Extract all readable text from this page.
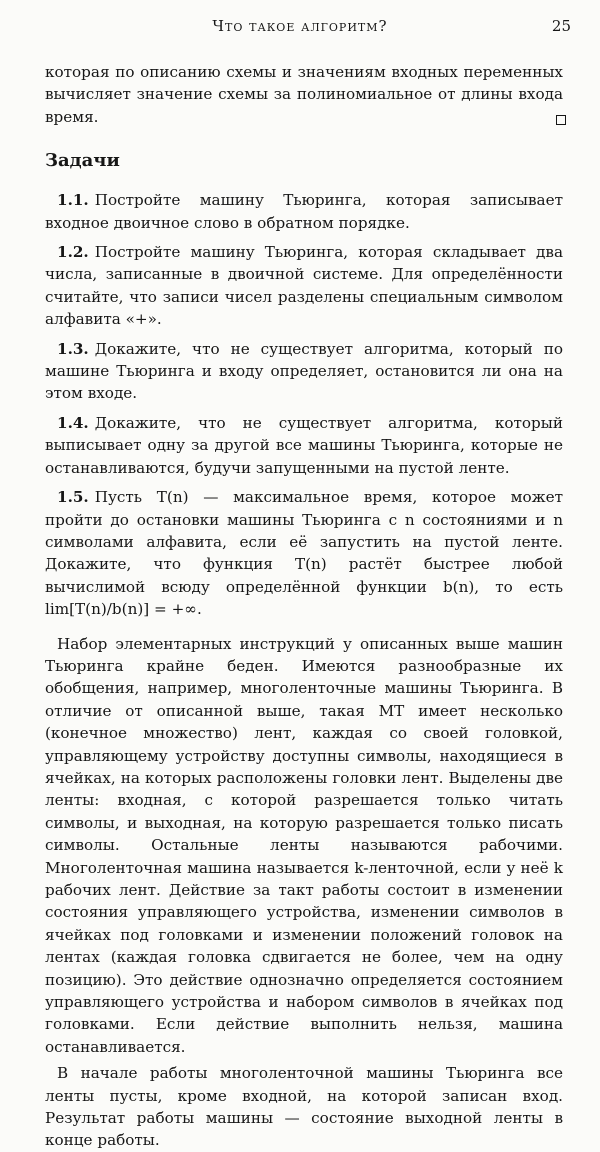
Что такое алгоритм?	25

которая по описанию схемы и значениям входных переменных вычисляет значение схемы за полиномиальное от длины входа время.

Задачи

1.1. Постройте машину Тьюринга, которая записывает входное двоичное слово в обратном порядке.

1.2. Постройте машину Тьюринга, которая складывает два числа, записанные в двоичной системе. Для определённости считайте, что записи чисел разделены специальным символом алфавита «+».

1.3. Докажите, что не существует алгоритма, который по машине Тьюринга и входу определяет, остановится ли она на этом входе.

1.4. Докажите, что не существует алгоритма, который выписывает одну за другой все машины Тьюринга, которые не останавливаются, будучи запущенными на пустой ленте.

1.5. Пусть T(n) — максимальное время, которое может пройти до остановки машины Тьюринга с n состояниями и n символами алфавита, если её запустить на пустой ленте. Докажите, что функция T(n) растёт быстрее любой вычислимой всюду определённой функции b(n), то есть lim[T(n)/b(n)] = +∞.

Набор элементарных инструкций у описанных выше машин Тьюринга крайне беден. Имеются разнообразные их обобщения, например, многоленточные машины Тьюринга. В отличие от описанной выше, такая МТ имеет несколько (конечное множество) лент, каждая со своей головкой, управляющему устройству доступны символы, находящиеся в ячейках, на которых расположены головки лент. Выделены две ленты: входная, с которой разрешается только читать символы, и выходная, на которую разрешается только писать символы. Остальные ленты называются рабочими. Многоленточная машина называется k-ленточной, если у неё k рабочих лент. Действие за такт работы состоит в изменении состояния управляющего устройства, изменении символов в ячейках под головками и изменении положений головок на лентах (каждая головка сдвигается не более, чем на одну позицию). Это действие однозначно определяется состоянием управляющего устройства и набором символов в ячейках под головками. Если действие выполнить нельзя, машина останавливается.

В начале работы многоленточной машины Тьюринга все ленты пусты, кроме входной, на которой записан вход. Результат работы машины — состояние выходной ленты в конце работы.
